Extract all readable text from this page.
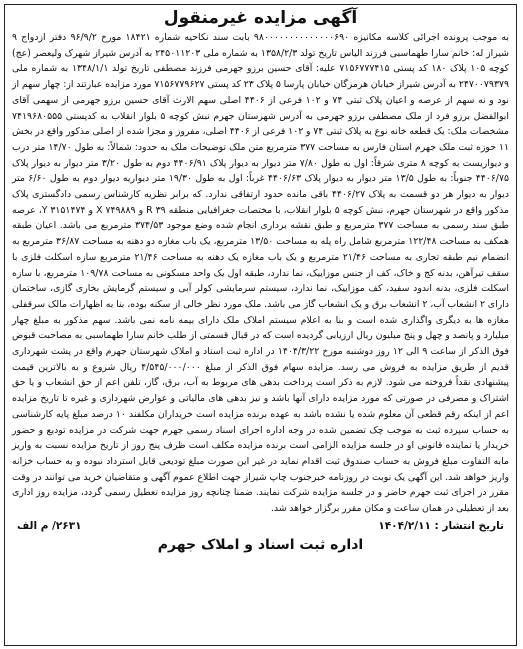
آگهی مزایده غیرمنقول
به موجب پرونده اجرائی کلاسه مکانیزه ۹۸۰۰۰۰۰۰۰۰۰۰۰۰۰۰۶۹۰ بابت سند نکاحیه شماره ۱۸۴۲۱ مورخ ۹۶/۹/۲ دفتر ازدواج ۹ شیراز له: خانم سارا طهماسبی فرزند الیاس تاریخ تولد ۱۳۵۸/۲/۳ به شماره ملی ۲۴۵۰۱۱۲۰۳ به آدرس شیراز شهرک ولیعصر (عج) کوچه ۱۰۵ پلاک ۱۸۰ کد پستی ۷۱۵۶۷۷۷۴۱۵ علیه: آقای حسین برزو جهرمی فرزند مصطفی تاریخ تولد ۱۳۴۸/۱/۱ به شماره ملی ۲۴۷۰۰۷۹۳۷۹ به آدرس شیراز خیابان هرمزگان خیابان پارسا ۵ پلاک ۲۳ کد پستی ۷۱۵۶۷۷۹۶۲۷ مورد مزایده عبارتند از: چهار سهم از نود و نه سهم از عرصه و اعیان پلاک ثبتی ۷۴ و ۱۰۲ فرعی از ۴۴۰۶ اصلی سهم الارث آقای حسین برزو جهرمی از سهمی آقای ابوالفضل برزو فرد از ملک مصطفی برزو جهرمی به آدرس شهرستان جهرم نبش کوچه ۵ بلوار انقلاب به کدپستی ۷۴۱۹۶۸۰۵۵۵ مشخصات ملک: یک قطعه خانه نوع به پلاک ثبتی ۷۴ و ۱۰۲ فرعی از ۴۴۰۶ اصلی، مفروز و مجزا شده از اصلی مذکور واقع در بخش ۱۱ حوزه ثبت ملک جهرم استان فارس به مساحت ۳۷۷ مترمربع متن ملک توضیحات ملک به حدود: شمالاً: به طول ۱۴/۷۰ متر درب و دیواریست به کوچه ۸ متری شرقاً: اول به طول ۷/۸۰ متر دیوار به دیوار پلاک ۴۴۰۶/۹۱ دوم به طول ۳/۲۰ متر دیوار به دیوار پلاک ۴۴۰۶/۷۵ جنوباً: به طول ۱۳/۵ متر دیوار به دیوار پلاک ۴۴۰۶/۶۳ غرباً: اول به طول ۱۹/۳۰ متر دیواریه دیوار دوم به طول ۶/۶۰ متر دیوار به دیوار هر دو قسمت به پلاک ۴۴۰۶/۲۷ باقی مانده حدود ارتفاقی ندارد. که برابر نظریه کارشناس رسمی دادگستری پلاک مذکور واقع در شهرستان جهرم، نبش کوچه ۵ بلوار انقلاب، با مختصات جغرافیایی منطقه ۳۹ R و X ۷۴۹۸۸۹ و Y ۳۱۵۱۴۷۴، عرصه طبق سند رسمی به مساحت ۳۷۷ مترمربع و طبق نقشه برداری انجام شده وضع موجود ۳۷۴/۵۳ مترمربع می باشد. اعیان طبقه همکف به مساحت ۱۲۲/۴۸ مترمربع شامل راه پله به مساحت ۱۳/۵۰ مترمربع، یک باب مغازه دو دهنه به مساحت ۳۶/۸۷ مترمربع به انضمام نیم طبقه تجاری به مساحت ۲۱/۴۶ مترمربع و یک باب مغازه یک دهنه به مساحت ۲۱/۴۶ مترمربع سازه اسکلت فلزی با سقف تیرآهن، بدنه کج و خاک، کف از جنس موزاییک، نما ندارد، طبقه اول یک واحد مسکونی به مساحت ۱۰۹/۷۸ مترمربع، با سازه اسکلت فلزی، بدنه اندود سفید، کف موزاییک، نما ندارد، سیستم سرمایشی کولر آبی و سیستم گرمایش بخاری گازی، ساختمان دارای ۲ انشعاب آب، ۲ انشعاب برق و یک انشعاب گاز می باشد. ملک مورد نظر خالی از سکنه بوده، بنا به اظهارات مالک سرقفلی مغازه ها به دیگری واگذاری شده است و بنا به اعلام سیستم املاک ملک دارای بیمه نامه نمی باشد. سهم مذکور به مبلغ چهار میلیارد و پانصد و چهل و پنج میلیون ریال ارزیابی گردیده است که در قبال قسمتی از طلب خانم سارا طهماسبی به مصاحبت قبوض فوق الذکر از ساعت ۹ الی ۱۲ روز دوشنبه مورخ ۱۴۰۴/۳/۲۲ در اداره ثبت اسناد و املاک شهرستان جهرم واقع در پشت شهرداری قدیم از طریق مزایده به فروش می رسد. مزایده سهام فوق الذکر از مبلغ ۴/۵۴۵/۰۰۰/۰۰۰ ریال شروع و به بالاترین قیمت پیشنهادی نقداً فروخته می شود. لازم به ذکر است پرداخت بدهی های مربوط به آب، برق، گاز، تلفن اعم از حق انشعاب و یا حق اشتراک و مصرفی در صورتی که مورد مزایده دارای آنها باشد و نیز بدهی های مالیاتی و عوارض شهرداری و غیره تا تاریخ مزایده اعم از اینکه رقم قطعی آن معلوم شده یا نشده باشد به عهده برنده مزایده است خریداران مکلفند ۱۰ درصد مبلغ پایه کارشناسی به حساب سپرده ثبت به موجب چک تضمین شده در وجه اداره اجرای اسناد رسمی جهرم جهت شرکت در مزایده تودیع و حضور خریدار یا نماینده قانونی او در جلسه مزایده الزامی است برنده مزایده مکلف است ظرف پنج روز از تاریخ مزایده نسبت به واریز مابه التفاوت مبلغ فروش به حساب صندوق ثبت اقدام نماید در غیر این صورت مبلغ تودیعی قابل استرداد نبوده و به حساب خزانه واریز خواهد شد. این آگهی یک نوبت در روزنامه خبرجنوب چاپ شیراز جهت اطلاع عموم آگهی و متقاضیان خرید می توانند در وقت مقرر در اجرای ثبت جهرم حاضر و در جلسه مزایده شرکت نمایند. ضمنا چنانچه روز مزایده تعطیل رسمی گردد، مزایده روز اداری بعد از تعطیلی در همان ساعت و مکان مقرر برگزار خواهد شد.
تاریخ انتشار : ۱۴۰۴/۲/۱۱
۲۶۳۱/ م الف
اداره ثبت اسناد و املاک جهرم
